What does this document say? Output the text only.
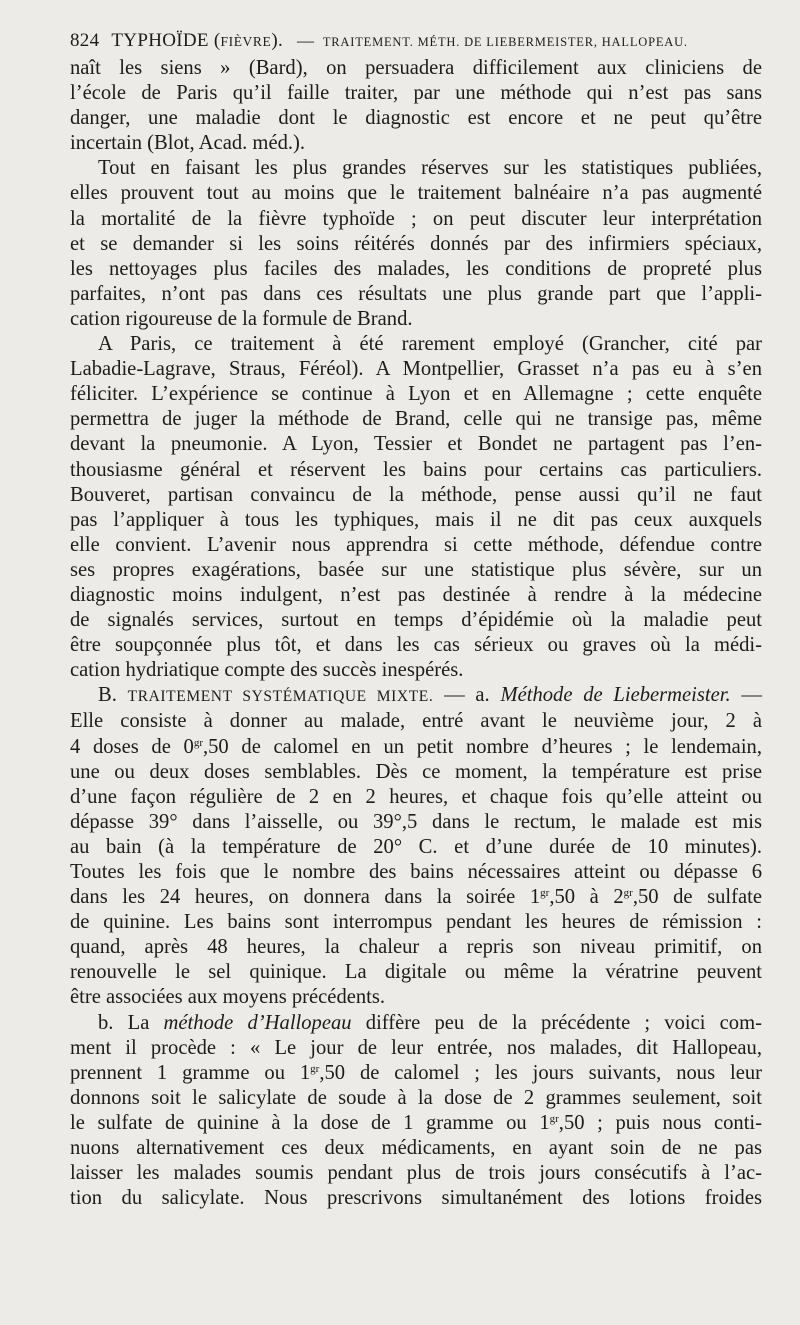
824 TYPHOÏDE (FIÈVRE). — TRAITEMENT. MÉTH. DE LIEBERMEISTER, HALLOPEAU.

naît les siens » (Bard), on persuadera difficilement aux cliniciens de
l’école de Paris qu’il faille traiter, par une méthode qui n’est pas sans
danger, une maladie dont le diagnostic est encore et ne peut qu’être
incertain (Blot, Acad. méd.).

Tout en faisant les plus grandes réserves sur les statistiques publiées,
elles prouvent tout au moins que le traitement balnéaire n’a pas augmenté
la mortalité de la fièvre typhoïde ; on peut discuter leur interprétation
et se demander si les soins réitérés donnés par des infirmiers spéciaux,
les nettoyages plus faciles des malades, les conditions de propreté plus
parfaites, n’ont pas dans ces résultats une plus grande part que l’appli-
cation rigoureuse de la formule de Brand.

A Paris, ce traitement à été rarement employé (Grancher, cité par
Labadie-Lagrave, Straus, Féréol). A Montpellier, Grasset n’a pas eu à s’en
féliciter. L’expérience se continue à Lyon et en Allemagne ; cette enquête
permettra de juger la méthode de Brand, celle qui ne transige pas, même
devant la pneumonie. A Lyon, Tessier et Bondet ne partagent pas l’en-
thousiasme général et réservent les bains pour certains cas particuliers.
Bouveret, partisan convaincu de la méthode, pense aussi qu’il ne faut
pas l’appliquer à tous les typhiques, mais il ne dit pas ceux auxquels
elle convient. L’avenir nous apprendra si cette méthode, défendue contre
ses propres exagérations, basée sur une statistique plus sévère, sur un
diagnostic moins indulgent, n’est pas destinée à rendre à la médecine
de signalés services, surtout en temps d’épidémie où la maladie peut
être soupçonnée plus tôt, et dans les cas sérieux ou graves où la médi-
cation hydriatique compte des succès inespérés.

B. TRAITEMENT SYSTÉMATIQUE MIXTE. — a. Méthode de Liebermeister. —
Elle consiste à donner au malade, entré avant le neuvième jour, 2 à
4 doses de $0^{gr},50$ de calomel en un petit nombre d’heures ; le lendemain,
une ou deux doses semblables. Dès ce moment, la température est prise
d’une façon régulière de 2 en 2 heures, et chaque fois qu’elle atteint ou
dépasse 39° dans l’aisselle, ou 39°,5 dans le rectum, le malade est mis
au bain (à la température de 20° C. et d’une durée de 10 minutes).
Toutes les fois que le nombre des bains nécessaires atteint ou dépasse 6
dans les 24 heures, on donnera dans la soirée $1^{gr},50$ à $2^{gr},50$ de sulfate
de quinine. Les bains sont interrompus pendant les heures de rémission :
quand, après 48 heures, la chaleur a repris son niveau primitif, on
renouvelle le sel quinique. La digitale ou même la vératrine peuvent
être associées aux moyens précédents.

b. La méthode d’Hallopeau diffère peu de la précédente ; voici com-
ment il procède : « Le jour de leur entrée, nos malades, dit Hallopeau,
prennent 1 gramme ou $1^{gr},50$ de calomel ; les jours suivants, nous leur
donnons soit le salicylate de soude à la dose de 2 grammes seulement, soit
le sulfate de quinine à la dose de 1 gramme ou $1^{gr},50$ ; puis nous conti-
nuons alternativement ces deux médicaments, en ayant soin de ne pas
laisser les malades soumis pendant plus de trois jours consécutifs à l’ac-
tion du salicylate. Nous prescrivons simultanément des lotions froides
